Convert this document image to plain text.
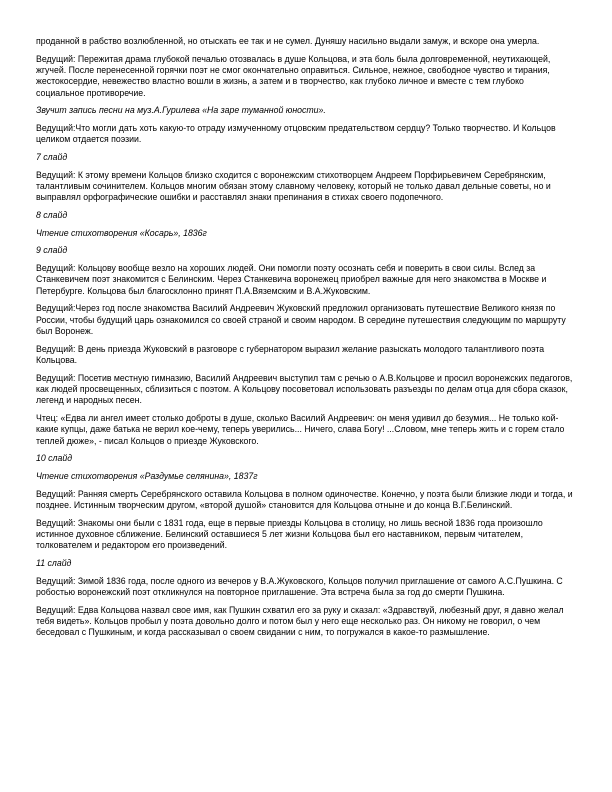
проданной в рабство возлюбленной, но отыскать ее так и не сумел. Дуняшу насильно выдали замуж, и вскоре она умерла.

Ведущий: Пережитая драма глубокой печалью отозвалась в душе Кольцова, и эта боль была долговременной, неутихающей, жгучей. После перенесенной горячки поэт не смог окончательно оправиться. Сильное, нежное, свободное чувство и тирания, жестокосердие, невежество властно вошли в жизнь, а затем и в творчество, как глубоко личное и вместе с тем глубоко социальное противоречие.

Звучит запись песни на муз.А.Гурилева «На заре туманной юности».

Ведущий:Что могли дать хоть какую-то отраду измученному отцовским предательством сердцу? Только творчество. И Кольцов целиком отдается поэзии.

7 слайд

Ведущий: К этому времени Кольцов близко сходится с воронежским стихотворцем Андреем Порфирьевичем Серебрянским, талантливым сочинителем. Кольцов многим обязан этому славному человеку, который не только давал дельные советы, но и выправлял орфографические ошибки и расставлял знаки препинания в стихах своего подопечного.

8 слайд

Чтение стихотворения «Косарь», 1836г

9 слайд

Ведущий: Кольцову вообще везло на хороших людей. Они помогли поэту осознать себя и поверить в свои силы. Вслед за Станкевичем поэт знакомится с Белинским. Через Станкевича воронежец приобрел важные для него знакомства в Москве и Петербурге. Кольцова был благосклонно принят П.А.Вяземским и В.А.Жуковским.

Ведущий:Через год после знакомства Василий Андреевич Жуковский предложил организовать путешествие Великого князя по России, чтобы будущий царь ознакомился со своей страной и своим народом. В середине путешествия следующим по маршруту был Воронеж.

Ведущий: В день приезда Жуковский в разговоре с губернатором выразил желание разыскать молодого талантливого поэта Кольцова.

Ведущий: Посетив местную гимназию, Василий Андреевич выступил там с речью о А.В.Кольцове и просил воронежских педагогов, как людей просвещенных, сблизиться с поэтом. А Кольцову посоветовал использовать разъезды по делам отца для сбора сказок, легенд и народных песен.

Чтец: «Едва ли ангел имеет столько доброты в душе, сколько Василий Андреевич: он меня удивил до безумия... Не только кой-какие купцы, даже батька не верил кое-чему, теперь уверились... Ничего, слава Богу! ...Словом, мне теперь жить и с горем стало теплей дюже», - писал Кольцов о приезде Жуковского.

10 слайд

Чтение стихотворения «Раздумье селянина», 1837г

Ведущий: Ранняя смерть Серебрянского оставила Кольцова в полном одиночестве. Конечно, у поэта были близкие люди и тогда, и позднее. Истинным творческим другом, «второй душой» становится для Кольцова отныне и до конца В.Г.Белинский.

Ведущий: Знакомы они были с 1831 года, еще в первые приезды Кольцова в столицу, но лишь весной 1836 года произошло истинное духовное сближение. Белинский оставшиеся 5 лет жизни Кольцова был его наставником, первым читателем, толкователем и редактором его произведений.

11 слайд

Ведущий: Зимой 1836 года, после одного из вечеров у В.А.Жуковского, Кольцов получил приглашение от самого А.С.Пушкина. С робостью воронежский поэт откликнулся на повторное приглашение. Эта встреча была за год до смерти Пушкина.

Ведущий: Едва Кольцова назвал свое имя, как Пушкин схватил его за руку и сказал: «Здравствуй, любезный друг, я давно желал тебя видеть». Кольцов пробыл у поэта довольно долго и потом был у него еще несколько раз. Он никому не говорил, о чем беседовал с Пушкиным, и когда рассказывал о своем свидании с ним, то погружался в какое-то размышление.
